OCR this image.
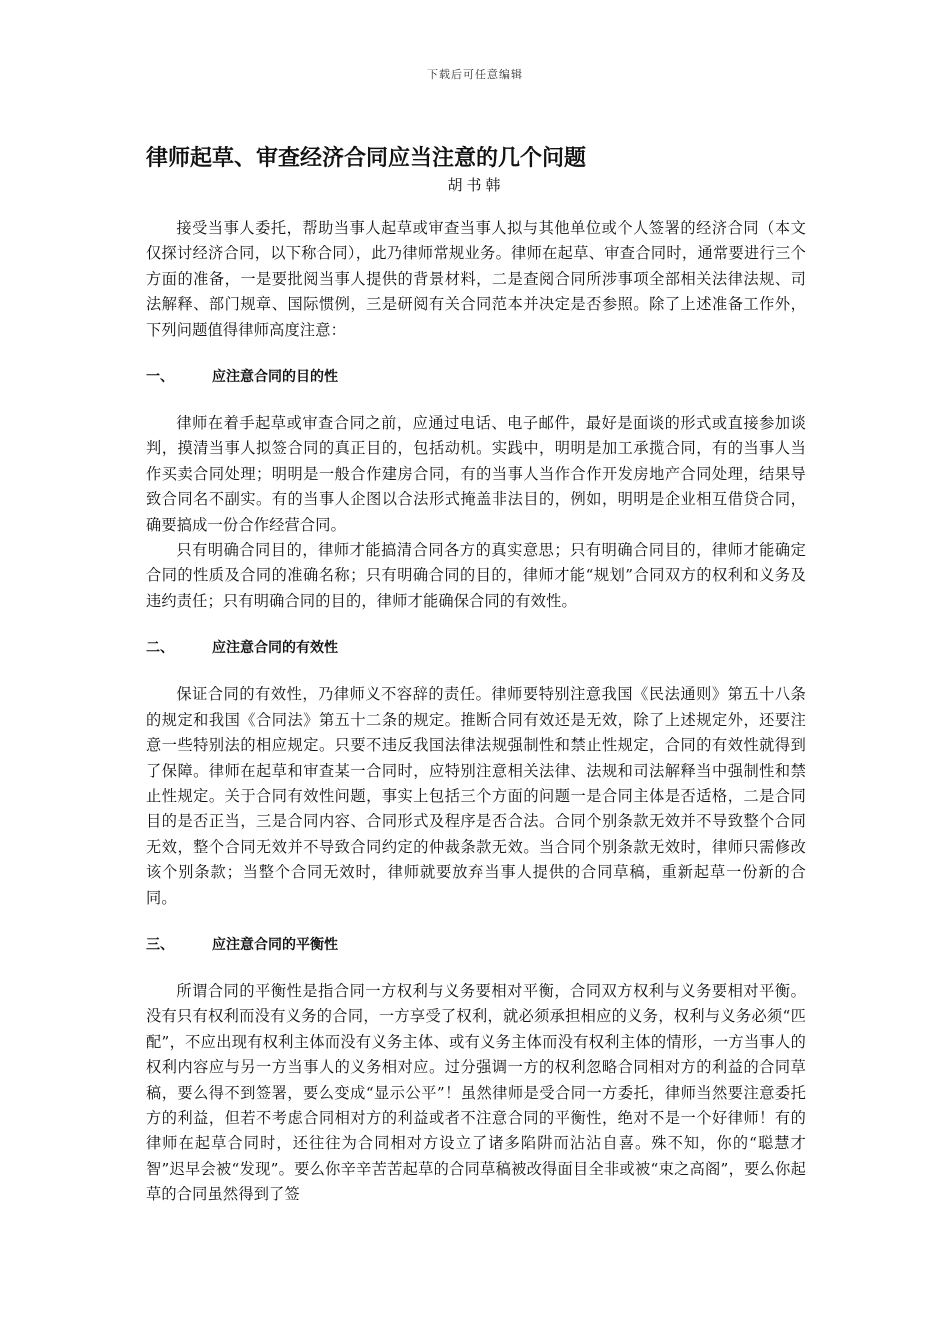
下载后可任意编辑
律师起草、审查经济合同应当注意的几个问题

胡书韩

接受当事人委托，帮助当事人起草或审查当事人拟与其他单位或个人签署的经济合同（本文仅探讨经济合同，以下称合同），此乃律师常规业务。律师在起草、审查合同时，通常要进行三个方面的准备，一是要批阅当事人提供的背景材料，二是查阅合同所涉事项全部相关法律法规、司法解释、部门规章、国际惯例，三是研阅有关合同范本并决定是否参照。除了上述准备工作外，下列问题值得律师高度注意：

一、	应注意合同的目的性

律师在着手起草或审查合同之前，应通过电话、电子邮件，最好是面谈的形式或直接参加谈判，摸清当事人拟签合同的真正目的，包括动机。实践中，明明是加工承揽合同，有的当事人当作买卖合同处理；明明是一般合作建房合同，有的当事人当作合作开发房地产合同处理，结果导致合同名不副实。有的当事人企图以合法形式掩盖非法目的，例如，明明是企业相互借贷合同，确要搞成一份合作经营合同。

只有明确合同目的，律师才能搞清合同各方的真实意思；只有明确合同目的，律师才能确定合同的性质及合同的准确名称；只有明确合同的目的，律师才能“规划”合同双方的权利和义务及违约责任；只有明确合同的目的，律师才能确保合同的有效性。

二、	应注意合同的有效性

保证合同的有效性，乃律师义不容辞的责任。律师要特别注意我国《民法通则》第五十八条的规定和我国《合同法》第五十二条的规定。推断合同有效还是无效，除了上述规定外，还要注意一些特别法的相应规定。只要不违反我国法律法规强制性和禁止性规定，合同的有效性就得到了保障。律师在起草和审查某一合同时，应特别注意相关法律、法规和司法解释当中强制性和禁止性规定。关于合同有效性问题，事实上包括三个方面的问题一是合同主体是否适格，二是合同目的是否正当，三是合同内容、合同形式及程序是否合法。合同个别条款无效并不导致整个合同无效，整个合同无效并不导致合同约定的仲裁条款无效。当合同个别条款无效时，律师只需修改该个别条款；当整个合同无效时，律师就要放弃当事人提供的合同草稿，重新起草一份新的合同。

三、	应注意合同的平衡性

所谓合同的平衡性是指合同一方权利与义务要相对平衡，合同双方权利与义务要相对平衡。没有只有权利而没有义务的合同，一方享受了权利，就必须承担相应的义务，权利与义务必须“匹配”，不应出现有权利主体而没有义务主体、或有义务主体而没有权利主体的情形，一方当事人的权利内容应与另一方当事人的义务相对应。过分强调一方的权利忽略合同相对方的利益的合同草稿，要么得不到签署，要么变成“显示公平”！虽然律师是受合同一方委托，律师当然要注意委托方的利益，但若不考虑合同相对方的利益或者不注意合同的平衡性，绝对不是一个好律师！有的律师在起草合同时，还往往为合同相对方设立了诸多陷阱而沾沾自喜。殊不知，你的“聪慧才智”迟早会被“发现”。要么你辛辛苦苦起草的合同草稿被改得面目全非或被“束之高阁”，要么你起草的合同虽然得到了签
